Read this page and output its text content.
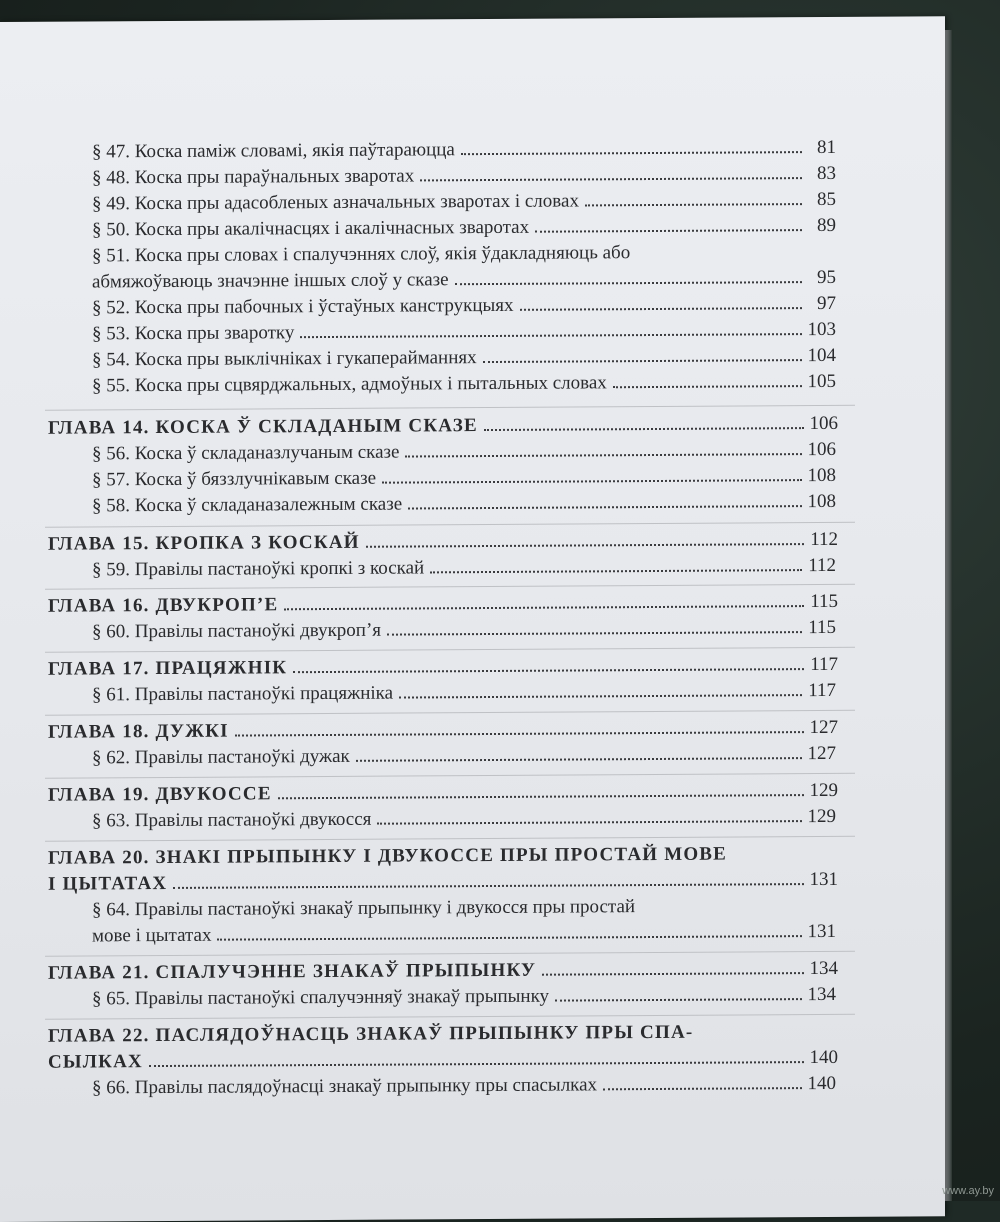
§ 47. Коска паміж словамі, якія паўтараюцца	81
§ 48. Коска пры параўнальных зваротах	83
§ 49. Коска пры адасобленых азначальных зваротах і словах	85
§ 50. Коска пры акалічнасцях і акалічнасных зваротах	89
§ 51. Коска пры словах і спалучэннях слоў, якія ўдакладняюць або
абмяжоўваюць значэнне іншых слоў у сказе	95
§ 52. Коска пры пабочных і ўстаўных канструкцыях	97
§ 53. Коска пры зваротку	103
§ 54. Коска пры выклічніках і гукаперайманнях	104
§ 55. Коска пры сцвярджальных, адмоўных і пытальных словах	105
ГЛАВА 14. КОСКА Ў СКЛАДАНЫМ СКАЗЕ	106
§ 56. Коска ў складаназлучаным сказе	106
§ 57. Коска ў бяззлучнікавым сказе	108
§ 58. Коска ў складаназалежным сказе	108
ГЛАВА 15. КРОПКА З КОСКАЙ	112
§ 59. Правілы пастаноўкі кропкі з коскай	112
ГЛАВА 16. ДВУКРОП’Е	115
§ 60. Правілы пастаноўкі двукроп’я	115
ГЛАВА 17. ПРАЦЯЖНІК	117
§ 61. Правілы пастаноўкі працяжніка	117
ГЛАВА 18. ДУЖКІ	127
§ 62. Правілы пастаноўкі дужак	127
ГЛАВА 19. ДВУКОССЕ	129
§ 63. Правілы пастаноўкі двукосся	129
ГЛАВА 20. ЗНАКІ ПРЫПЫНКУ І ДВУКОССЕ ПРЫ ПРОСТАЙ МОВЕ
І ЦЫТАТАХ	131
§ 64. Правілы пастаноўкі знакаў прыпынку і двукосся пры простай
мове і цытатах	131
ГЛАВА 21. СПАЛУЧЭННЕ ЗНАКАЎ ПРЫПЫНКУ	134
§ 65. Правілы пастаноўкі спалучэнняў знакаў прыпынку	134
ГЛАВА 22. ПАСЛЯДОЎНАСЦЬ ЗНАКАЎ ПРЫПЫНКУ ПРЫ СПА-
СЫЛКАХ	140
§ 66. Правілы паслядоўнасці знакаў прыпынку пры спасылках	140
www.ay.by
